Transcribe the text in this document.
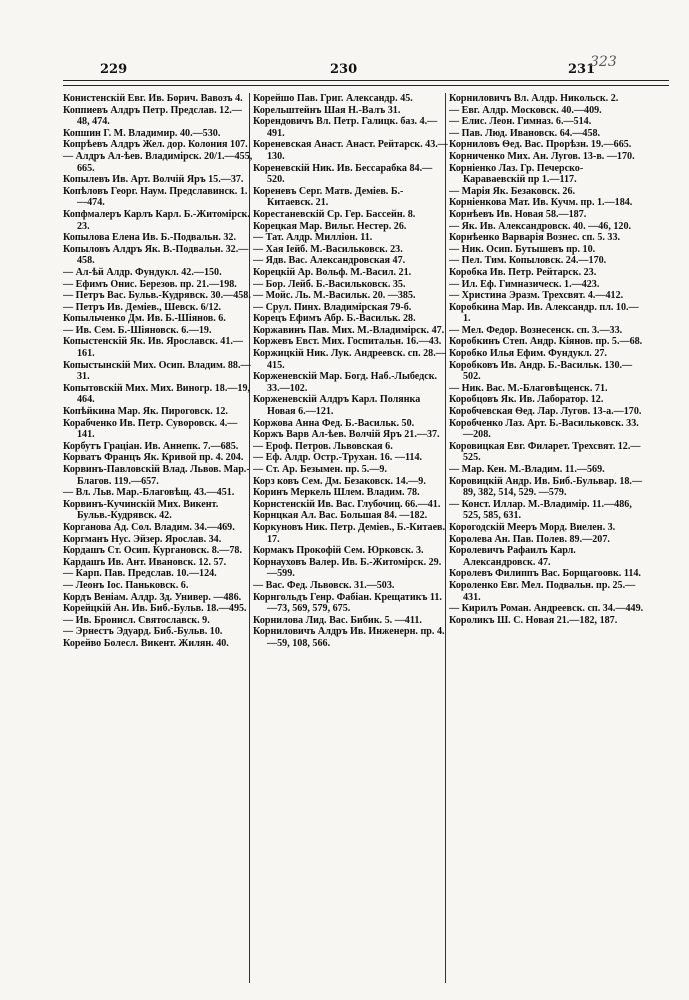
229	230	231
323

Конистенскій Евг. Ив. Борич. Вавозъ 4.

Коппиевъ Алдръ Петр. Предслав. 12.—48, 474.

Копшин Г. М. Владимир. 40.—530.

Копрѣевъ Алдръ Жел. дор. Колония 107.

— Алдръ Ал-ѣев. Владимірск. 20/1.—455, 665.

Копылевъ Ив. Арт. Волчій Яръ 15.—37.

Копѣловъ Георг. Наум. Предславинск. 1.—474.

Копфмалеръ Карлъ Карл. Б.-Житомірск. 23.

Копылова Елена Ив. Б.-Подвальн. 32.

Копыловъ Алдръ Як. В.-Подвальн. 32.—458.

— Ал-ѣй Алдр. Фундукл. 42.—150.

— Ефимъ Онис. Березов. пр. 21.—198.

— Петръ Вас. Бульв.-Кудрявск. 30.—458.

— Петръ Ив. Деміев., Шевск. 6/12.

Копыльченко Дм. Ив. Б.-Шіянов. 6.

— Ив. Сем. Б.-Шіяновск. 6.—19.

Копыстенскій Як. Ив. Ярославск. 41.—161.

Копыстынскій Мих. Осип. Владим. 88.—31.

Копытовскій Мих. Мих. Виногр. 18.—19, 464.

Копѣйкина Мар. Як. Пироговск. 12.

Корабченко Ив. Петр. Суворовск. 4.—141.

Корбутъ Граціан. Ив. Аннепк. 7.—685.

Корватъ Францъ Як. Кривой пр. 4. 204.

Корвинъ-Павловскій Влад. Львов. Мар.-Благов. 119.—657.

— Вл. Льв. Мар.-Благовѣщ. 43.—451.

Корвинъ-Кучинскій Мих. Викент. Бульв.-Кудрявск. 42.

Корганова Ад. Сол. Владим. 34.—469.

Коргманъ Нус. Эйзер. Ярослав. 34.

Кордашъ Ст. Осип. Кургановск. 8.—78.

Кардашъ Ив. Ант. Ивановск. 12. 57.

— Карп. Пав. Предслав. 10.—124.

— Леонъ Іос. Паньковск. 6.

Кордъ Веніам. Алдр. Зд. Универ. —486.

Корейцкій Ан. Ив. Биб.-Бульв. 18.—495.

— Ив. Бронисл. Святославск. 9.

— Эрнестъ Эдуард. Биб.-Бульв. 10.

Корейво Болесл. Викент. Жилян. 40.

Корейшо Пав. Григ. Александр. 45.

Корельштейнъ Шая Н.-Валъ 31.

Корендовичъ Вл. Петр. Галицк. баз. 4.—491.

Кореневская Анаст. Анаст. Рейтарск. 43.—130.

Кореневскій Ник. Ив. Бессарабка 84.—520.

Кореневъ Серг. Матв. Деміев. Б.-Китаевск. 21.

Корестаневскій Ср. Гер. Бассейн. 8.

Корецкая Мар. Вильг. Нестер. 26.

— Тат. Алдр. Милліон. 11.

— Хая Іейб. М.-Васильковск. 23.

— Ядв. Вас. Александровская 47.

Корецкій Ар. Вольф. М.-Васил. 21.

— Бор. Лейб. Б.-Васильковск. 35.

— Мойс. Ль. М.-Васильк. 20. —385.

— Срул. Пинх. Владимірская 79-б.

Корецъ Ефимъ Абр. Б.-Васильк. 28.

Коржавинъ Пав. Мих. М.-Владимірск. 47.

Коржевъ Евст. Мих. Госпитальн. 16.—43.

Коржицкій Ник. Лук. Андреевск. сп. 28.—415.

Корженевскій Мар. Богд. Наб.-Лыбедск. 33.—102.

Корженевскій Алдръ Карл. Полянка Новая 6.—121.

Коржова Анна Фед. Б.-Васильк. 50.

Коржъ Варв Ал-ѣев. Волчій Яръ 21.—37.

— Ероф. Петров. Львовская 6.

— Еф. Алдр. Остр.-Трухан. 16. —114.

— Ст. Ар. Безымен. пр. 5.—9.

Корз ковъ Сем. Дм. Безаковск. 14.—9.

Коринъ Меркель Шлем. Владим. 78.

Корнстенскій Ив. Вас. Глубочиц. 66.—41.

Корнцкая Ал. Вас. Большая 84. —182.

Коркуновъ Ник. Петр. Деміев., Б.-Китаев. 17.

Кормакъ Прокофій Сем. Юрковск. 3.

Корнауховъ Валер. Ив. Б.-Житомірск. 29.—599.

— Вас. Фед. Львовск. 31.—503.

Корнгольдъ Генр. Фабіан. Крещатикъ 11.—73, 569, 579, 675.

Корнилова Лид. Вас. Бибик. 5. —411.

Корниловичъ Алдръ Ив. Инженерн. пр. 4.—59, 108, 566.

Корниловичъ Вл. Алдр. Никольск. 2.

— Евг. Алдр. Московск. 40.—409.

— Елис. Леон. Гимназ. 6.—514.

— Пав. Люд. Ивановск. 64.—458.

Корниловъ Ѳед. Вас. Прорѣзн. 19.—665.

Корниченко Мих. Ан. Лугов. 13-в. —170.

Корніенко Лаз. Гр. Печерско-Караваевскій пр 1.—117.

— Марія Як. Безаковск. 26.

Корніенкова Мат. Ив. Кучм. пр. 1.—184.

Корнѣевъ Ив. Новая 58.—187.

— Як. Ив. Александровск. 40. —46, 120.

Корнѣенко Варварія Вознес. сп. 5. 33.

— Ник. Осип. Бутышевъ пр. 10.

— Пел. Тим. Копыловск. 24.—170.

Коробка Ив. Петр. Рейтарск. 23.

— Ил. Еф. Гимназическ. 1.—423.

— Христина Эразм. Трехсвят. 4.—412.

Коробкина Мар. Ив. Александр. пл. 10.—1.

— Мел. Федор. Вознесенск. сп. 3.—33.

Коробкинъ Степ. Андр. Кіянов. пр. 5.—68.

Коробко Илья Ефим. Фундукл. 27.

Коробковъ Ив. Андр. Б.-Васильк. 130.—502.

— Ник. Вас. М.-Благовѣщенск. 71.

Коробцовъ Як. Ив. Лаборатор. 12.

Коробчевская Ѳед. Лар. Лугов. 13-а.—170.

Коробченко Лаз. Арт. Б.-Васильковск. 33.—208.

Коровицкая Евг. Филарет. Трехсвят. 12.—525.

— Мар. Кен. М.-Владим. 11.—569.

Коровицкій Андр. Ив. Биб.-Бульвар. 18.—89, 382, 514, 529. —579.

— Конст. Иллар. М.-Владимір. 11.—486, 525, 585, 631.

Корогодскій Мееръ Морд. Виелен. 3.

Королева Ан. Пав. Полев. 89.—207.

Королевичъ Рафаилъ Карл. Александровск. 47.

Королевъ Филиппъ Вас. Борщагоовк. 114.

Короленко Евг. Мел. Подвальн. пр. 25.—431.

— Кирилъ Роман. Андреевск. сп. 34.—449.

Короликъ Ш. С. Новая 21.—182, 187.
